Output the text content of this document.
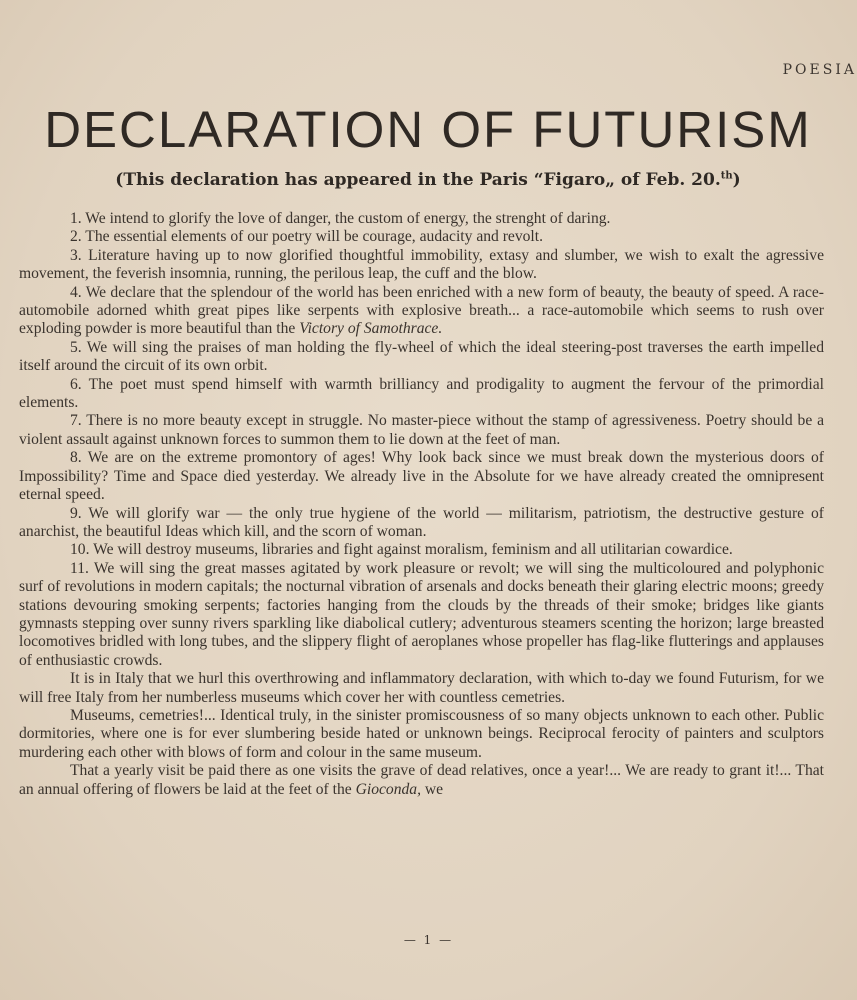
POESIA
DECLARATION OF FUTURISM

(This declaration has appeared in the Paris “Figaro„ of Feb. 20.$^{th}$)

1. We intend to glorify the love of danger, the custom of energy, the strenght of daring.

2. The essential elements of our poetry will be courage, audacity and revolt.

3. Literature having up to now glorified thoughtful immobility, extasy and slumber, we wish to exalt the agressive movement, the feverish insomnia, running, the perilous leap, the cuff and the blow.

4. We declare that the splendour of the world has been enriched with a new form of beauty, the beauty of speed. A race-automobile adorned whith great pipes like serpents with explosive breath... a race-automobile which seems to rush over exploding powder is more beautiful than the Victory of Samothrace.

5. We will sing the praises of man holding the fly-wheel of which the ideal steering-post traverses the earth impelled itself around the circuit of its own orbit.

6. The poet must spend himself with warmth brilliancy and prodigality to augment the fervour of the primordial elements.

7. There is no more beauty except in struggle. No master-piece without the stamp of agressiveness. Poetry should be a violent assault against unknown forces to summon them to lie down at the feet of man.

8. We are on the extreme promontory of ages! Why look back since we must break down the mysterious doors of Impossibility? Time and Space died yesterday. We already live in the Absolute for we have already created the omnipresent eternal speed.

9. We will glorify war — the only true hygiene of the world — militarism, patriotism, the destructive gesture of anarchist, the beautiful Ideas which kill, and the scorn of woman.

10. We will destroy museums, libraries and fight against moralism, feminism and all utilitarian cowardice.

11. We will sing the great masses agitated by work pleasure or revolt; we will sing the multicoloured and polyphonic surf of revolutions in modern capitals; the nocturnal vibration of arsenals and docks beneath their glaring electric moons; greedy stations devouring smoking serpents; factories hanging from the clouds by the threads of their smoke; bridges like giants gymnasts stepping over sunny rivers sparkling like diabolical cutlery; adventurous steamers scenting the horizon; large breasted locomotives bridled with long tubes, and the slippery flight of aeroplanes whose propeller has flag-like flutterings and applauses of enthusiastic crowds.

It is in Italy that we hurl this overthrowing and inflammatory declaration, with which to-day we found Futurism, for we will free Italy from her numberless museums which cover her with countless cemetries.

Museums, cemetries!... Identical truly, in the sinister promiscousness of so many objects unknown to each other. Public dormitories, where one is for ever slumbering beside hated or unknown beings. Reciprocal ferocity of painters and sculptors murdering each other with blows of form and colour in the same museum.

That a yearly visit be paid there as one visits the grave of dead relatives, once a year!... We are ready to grant it!... That an annual offering of flowers be laid at the feet of the Gioconda, we

— 1 —
